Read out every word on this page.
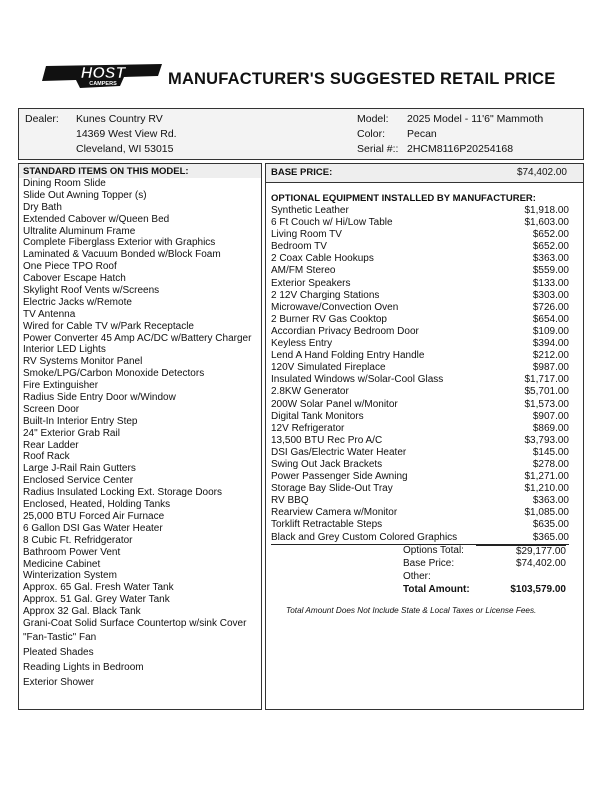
HOST
CAMPERS	MANUFACTURER'S SUGGESTED RETAIL PRICE
Dealer: Kunes Country RV
14369 West View Rd.
Cleveland, WI 53015
Model: 2025 Model - 11'6" Mammoth
Color: Pecan
Serial #:: 2HCM8116P20254168
STANDARD ITEMS ON THIS MODEL:
Dining Room Slide
Slide Out Awning Topper (s)
Dry Bath
Extended Cabover w/Queen Bed
Ultralite Aluminum Frame
Complete Fiberglass Exterior with Graphics
Laminated & Vacuum Bonded w/Block Foam
One Piece TPO Roof
Cabover Escape Hatch
Skylight Roof Vents w/Screens
Electric Jacks w/Remote
TV Antenna
Wired for Cable TV w/Park Receptacle
Power Converter 45 Amp AC/DC w/Battery Charger
Interior LED Lights
RV Systems Monitor Panel
Smoke/LPG/Carbon Monoxide Detectors
Fire Extinguisher
Radius Side Entry Door w/Window
Screen Door
Built-In Interior Entry Step
24" Exterior Grab Rail
Rear Ladder
Roof Rack
Large J-Rail Rain Gutters
Enclosed Service Center
Radius Insulated Locking Ext. Storage Doors
Enclosed, Heated, Holding Tanks
25,000 BTU Forced Air Furnace
6 Gallon DSI Gas Water Heater
8 Cubic Ft. Refridgerator
Bathroom Power Vent
Medicine Cabinet
Winterization System
Approx. 65 Gal. Fresh Water Tank
Approx. 51 Gal. Grey Water Tank
Approx 32 Gal. Black Tank
Grani-Coat Solid Surface Countertop w/sink Cover
"Fan-Tastic" Fan
Pleated Shades
Reading Lights in Bedroom
Exterior Shower
BASE PRICE:	$74,402.00
OPTIONAL EQUIPMENT INSTALLED BY MANUFACTURER:
Synthetic Leather	$1,918.00
6 Ft Couch w/ Hi/Low Table	$1,603.00
Living Room TV	$652.00
Bedroom TV	$652.00
2 Coax Cable Hookups	$363.00
AM/FM Stereo	$559.00
Exterior Speakers	$133.00
2 12V Charging Stations	$303.00
Microwave/Convection Oven	$726.00
2 Burner RV Gas Cooktop	$654.00
Accordian Privacy Bedroom Door	$109.00
Keyless Entry	$394.00
Lend A Hand Folding Entry Handle	$212.00
120V Simulated Fireplace	$987.00
Insulated Windows w/Solar-Cool Glass	$1,717.00
2.8KW Generator	$5,701.00
200W Solar Panel w/Monitor	$1,573.00
Digital Tank Monitors	$907.00
12V Refrigerator	$869.00
13,500 BTU Rec Pro A/C	$3,793.00
DSI Gas/Electric Water Heater	$145.00
Swing Out Jack Brackets	$278.00
Power Passenger Side Awning	$1,271.00
Storage Bay Slide-Out Tray	$1,210.00
RV BBQ	$363.00
Rearview Camera w/Monitor	$1,085.00
Torklift Retractable Steps	$635.00
Black and Grey Custom Colored Graphics	$365.00
Options Total:	$29,177.00
Base Price:	$74,402.00
Other:
Total Amount:	$103,579.00
Total Amount Does Not Include State & Local Taxes or License Fees.
